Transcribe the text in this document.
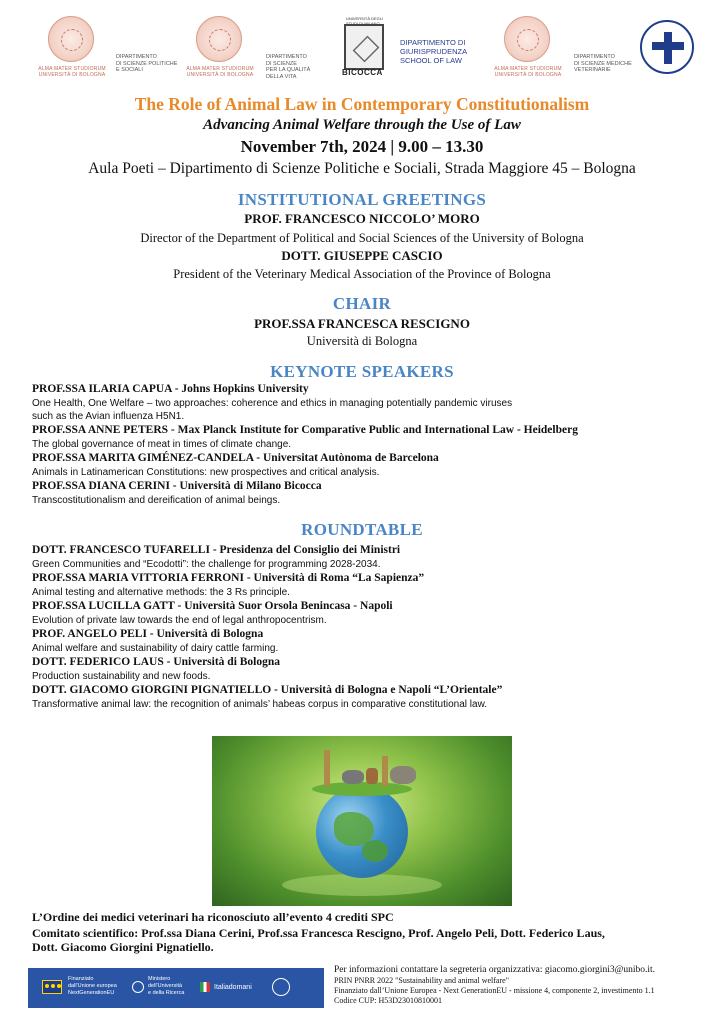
ALMA MATER STUDIORUM
UNIVERSITÀ DI BOLOGNA
DIPARTIMENTO
DI SCIENZE POLITICHE
E SOCIALI	ALMA MATER STUDIORUM
UNIVERSITÀ DI BOLOGNA
DIPARTIMENTO
DI SCIENZE
PER LA QUALITÀ DELLA VITA
UNIVERSITÀ DEGLI
BICOCCA
DIPARTIMENTO DI
GIURISPRUDENZA
SCHOOL OF LAW
ALMA MATER STUDIORUM
UNIVERSITÀ DI BOLOGNA
DIPARTIMENTO
DI SCIENZE MEDICHE
VETERINARIE
The Role of Animal Law in Contemporary Constitutionalism
Advancing Animal Welfare through the Use of Law
November 7th, 2024 | 9.00 – 13.30
Aula Poeti – Dipartimento di Scienze Politiche e Sociali, Strada Maggiore 45 – Bologna
INSTITUTIONAL GREETINGS
PROF. FRANCESCO NICCOLO’ MORO
Director of the Department of Political and Social Sciences of the University of Bologna
DOTT. GIUSEPPE CASCIO
President of the Veterinary Medical Association of the Province of Bologna
CHAIR
PROF.SSA FRANCESCA RESCIGNO
Università di Bologna
KEYNOTE SPEAKERS
PROF.SSA ILARIA CAPUA - Johns Hopkins University
One Health, One Welfare – two approaches: coherence and ethics in managing potentially pandemic viruses
such as the Avian influenza H5N1.
PROF.SSA ANNE PETERS - Max Planck Institute for Comparative Public and International Law - Heidelberg
The global governance of meat in times of climate change.
PROF.SSA MARITA GIMÉNEZ-CANDELA - Universitat Autònoma de Barcelona
Animals in Latinamerican Constitutions: new prospectives and critical analysis.
PROF.SSA DIANA CERINI - Università di Milano Bicocca
Transcostitutionalism and dereification of animal beings.
ROUNDTABLE
DOTT. FRANCESCO TUFARELLI - Presidenza del Consiglio dei Ministri
Green Communities and “Ecodotti”: the challenge for programming 2028-2034.
PROF.SSA MARIA VITTORIA FERRONI - Università di Roma “La Sapienza”
Animal testing and alternative methods: the 3 Rs principle.
PROF.SSA LUCILLA GATT - Università Suor Orsola Benincasa - Napoli
Evolution of private law towards the end of legal anthropocentrism.
PROF. ANGELO PELI - Università di Bologna
Animal welfare and sustainability of dairy cattle farming.
DOTT. FEDERICO LAUS - Università di Bologna
Production sustainability and new foods.
DOTT. GIACOMO GIORGINI PIGNATIELLO - Università di Bologna e Napoli “L’Orientale”
Transformative animal law: the recognition of animals’ habeas corpus in comparative constitutional law.
L’Ordine dei medici veterinari ha riconosciuto all’evento 4 crediti SPC
Comitato scientifico: Prof.ssa Diana Cerini, Prof.ssa Francesca Rescigno, Prof. Angelo Peli, Dott. Federico Laus,
Dott. Giacomo Giorgini Pignatiello.
Finanziato
dall'Unione europea
NextGenerationEU
Ministero
dell'Università
e della Ricerca
Italiadomani
Per informazioni contattare la segreteria organizzativa: giacomo.giorgini3@unibo.it.
PRIN PNRR 2022 "Sustainability and animal welfare"
Finanziato dall’Unione Europea - Next GenerationEU - missione 4, componente 2, investimento 1.1
Codice CUP: H53D23010810001
